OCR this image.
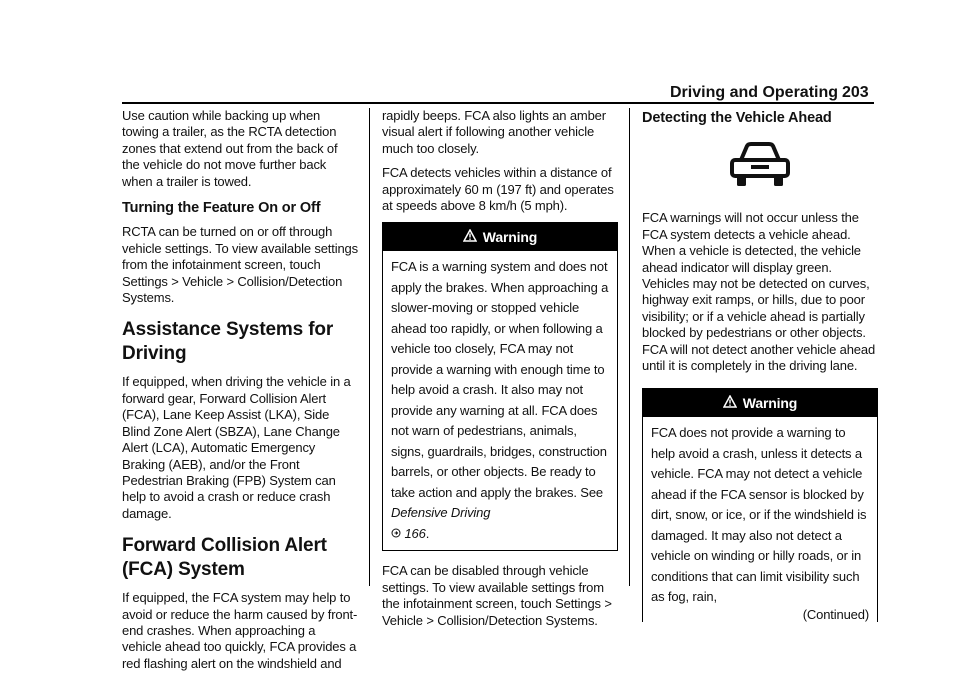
Driving and Operating 203

Use caution while backing up when towing a trailer, as the RCTA detection zones that extend out from the back of the vehicle do not move further back when a trailer is towed.

Turning the Feature On or Off

RCTA can be turned on or off through vehicle settings. To view available settings from the infotainment screen, touch Settings > Vehicle > Collision/Detection Systems.

Assistance Systems for Driving

If equipped, when driving the vehicle in a forward gear, Forward Collision Alert (FCA), Lane Keep Assist (LKA), Side Blind Zone Alert (SBZA), Lane Change Alert (LCA), Automatic Emergency Braking (AEB), and/or the Front Pedestrian Braking (FPB) System can help to avoid a crash or reduce crash damage.

Forward Collision Alert (FCA) System

If equipped, the FCA system may help to avoid or reduce the harm caused by front-end crashes. When approaching a vehicle ahead too quickly, FCA provides a red flashing alert on the windshield and

rapidly beeps. FCA also lights an amber visual alert if following another vehicle much too closely.

FCA detects vehicles within a distance of approximately 60 m (197 ft) and operates at speeds above 8 km/h (5 mph).

Warning
FCA is a warning system and does not apply the brakes. When approaching a slower-moving or stopped vehicle ahead too rapidly, or when following a vehicle too closely, FCA may not provide a warning with enough time to help avoid a crash. It also may not provide any warning at all. FCA does not warn of pedestrians, animals, signs, guardrails, bridges, construction barrels, or other objects. Be ready to take action and apply the brakes. See Defensive Driving
166.

FCA can be disabled through vehicle settings. To view available settings from the infotainment screen, touch Settings > Vehicle > Collision/Detection Systems.

Detecting the Vehicle Ahead

FCA warnings will not occur unless the FCA system detects a vehicle ahead. When a vehicle is detected, the vehicle ahead indicator will display green. Vehicles may not be detected on curves, highway exit ramps, or hills, due to poor visibility; or if a vehicle ahead is partially blocked by pedestrians or other objects. FCA will not detect another vehicle ahead until it is completely in the driving lane.

Warning
FCA does not provide a warning to help avoid a crash, unless it detects a vehicle. FCA may not detect a vehicle ahead if the FCA sensor is blocked by dirt, snow, or ice, or if the windshield is damaged. It may also not detect a vehicle on winding or hilly roads, or in conditions that can limit visibility such as fog, rain,
(Continued)
